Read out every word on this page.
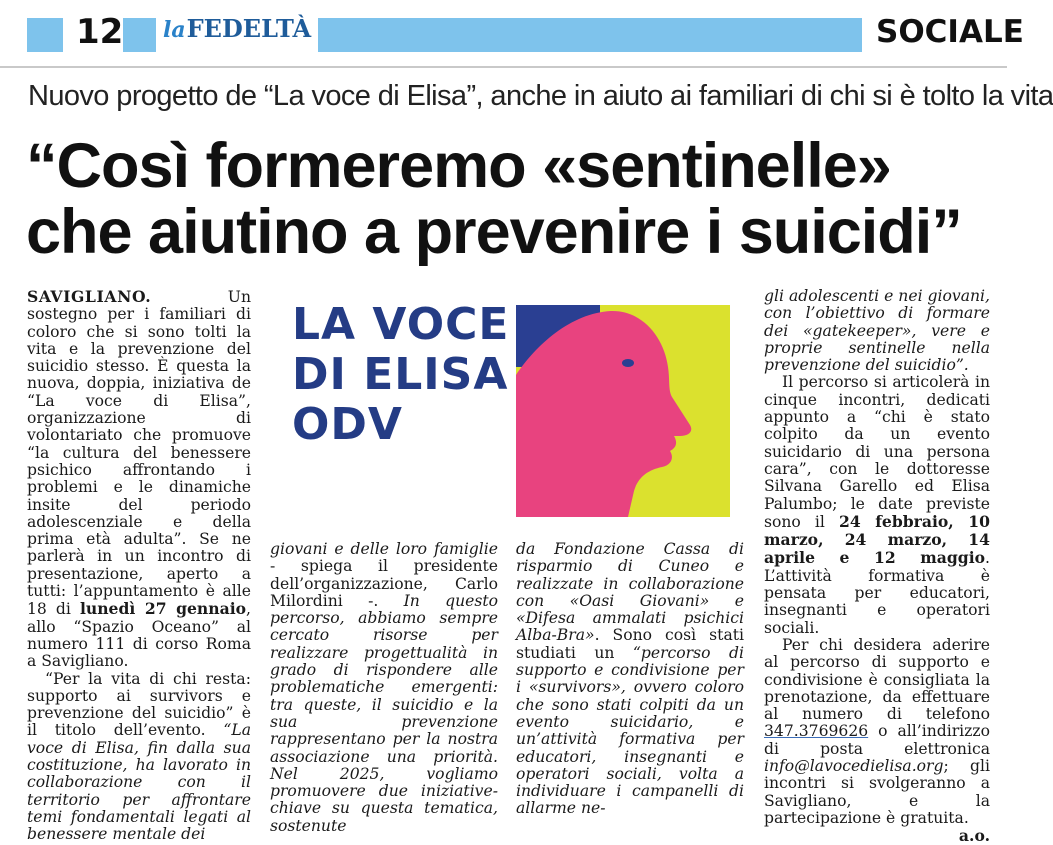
12 laFEDELTÀ	SOCIALE
Nuovo progetto de “La voce di Elisa”, anche in aiuto ai familiari di chi si è tolto la vita
“Così formeremo «sentinelle»
che aiutino a prevenire i suicidi”
LA VOCE
DI ELISA
ODV

SAVIGLIANO. Un sostegno per i familiari di coloro che si sono tolti la vita e la prevenzione del suicidio stesso. È questa la nuova, doppia, iniziativa de “La voce di Elisa”, organizzazione di volontariato che promuove “la cultura del benessere psichico affrontando i problemi e le dinamiche insite del periodo adolescenziale e della prima età adulta”. Se ne parlerà in un incontro di presentazione, aperto a tutti: l’appuntamento è alle 18 di lunedì 27 gennaio, allo “Spazio Oceano” al numero 111 di corso Roma a Savigliano.

“Per la vita di chi resta: supporto ai survivors e prevenzione del suicidio” è il titolo dell’evento. “La voce di Elisa, fin dalla sua costituzione, ha lavorato in collaborazione con il territorio per affrontare temi fondamentali legati al benessere mentale dei

giovani e delle loro famiglie - spiega il presidente dell’organizzazione, Carlo Milordini -. In questo percorso, abbiamo sempre cercato risorse per realizzare progettualità in grado di rispondere alle problematiche emergenti: tra queste, il suicidio e la sua prevenzione rappresentano per la nostra associazione una priorità. Nel 2025, vogliamo promuovere due iniziative-chiave su questa tematica, sostenute

da Fondazione Cassa di risparmio di Cuneo e realizzate in collaborazione con «Oasi Giovani» e «Difesa ammalati psichici Alba-Bra». Sono così stati studiati un “percorso di supporto e condivisione per i «survivors», ovvero coloro che sono stati colpiti da un evento suicidario, e un’attività formativa per educatori, insegnanti e operatori sociali, volta a individuare i campanelli di allarme ne-

gli adolescenti e nei giovani, con l’obiettivo di formare dei «gatekeeper», vere e proprie sentinelle nella prevenzione del suicidio”.

Il percorso si articolerà in cinque incontri, dedicati appunto a “chi è stato colpito da un evento suicidario di una persona cara”, con le dottoresse Silvana Garello ed Elisa Palumbo; le date previste sono il 24 febbraio, 10 marzo, 24 marzo, 14 aprile e 12 maggio. L’attività formativa è pensata per educatori, insegnanti e operatori sociali.

Per chi desidera aderire al percorso di supporto e condivisione è consigliata la prenotazione, da effettuare al numero di telefono 347.3769626 o all’indirizzo di posta elettronica info@lavocedielisa.org; gli incontri si svolgeranno a Savigliano, e la partecipazione è gratuita.

a.o.
